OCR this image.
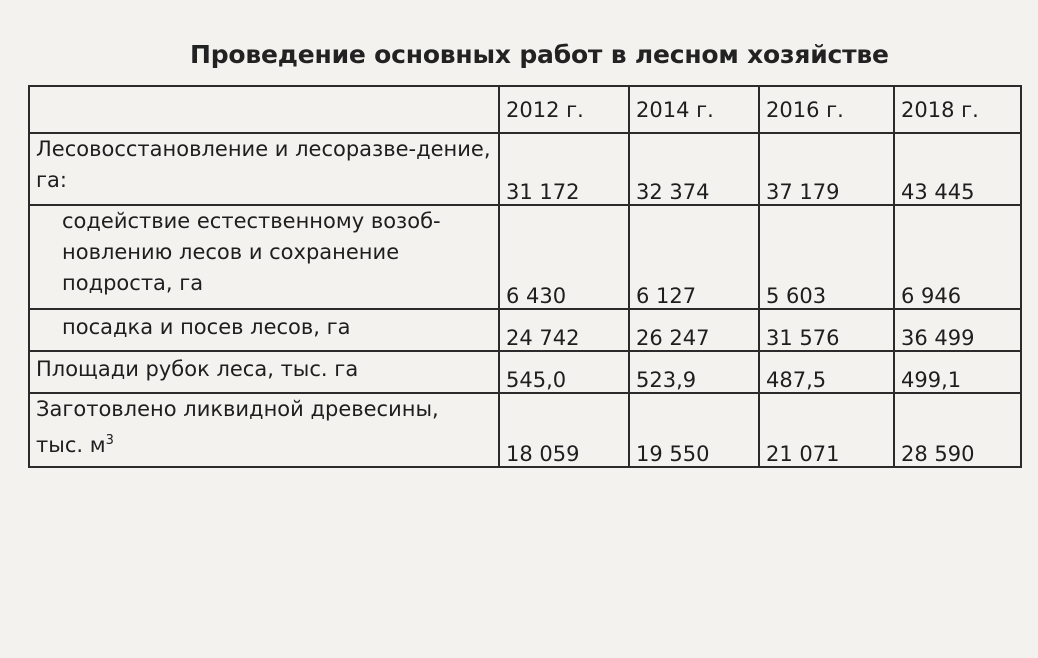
Проведение основных работ в лесном хозяйстве
	2012 г.	2014 г.	2016 г.	2018 г.
Лесовосстановление и лесоразве-дение, га:	31 172	32 374	37 179	43 445
содействие естественному возоб-новлению лесов и сохранение подроста, га	6 430	6 127	5 603	6 946
посадка и посев лесов, га	24 742	26 247	31 576	36 499
Площади рубок леса, тыс. га	545,0	523,9	487,5	499,1
Заготовлено ликвидной древесины, тыс. $м^3$	18 059	19 550	21 071	28 590
